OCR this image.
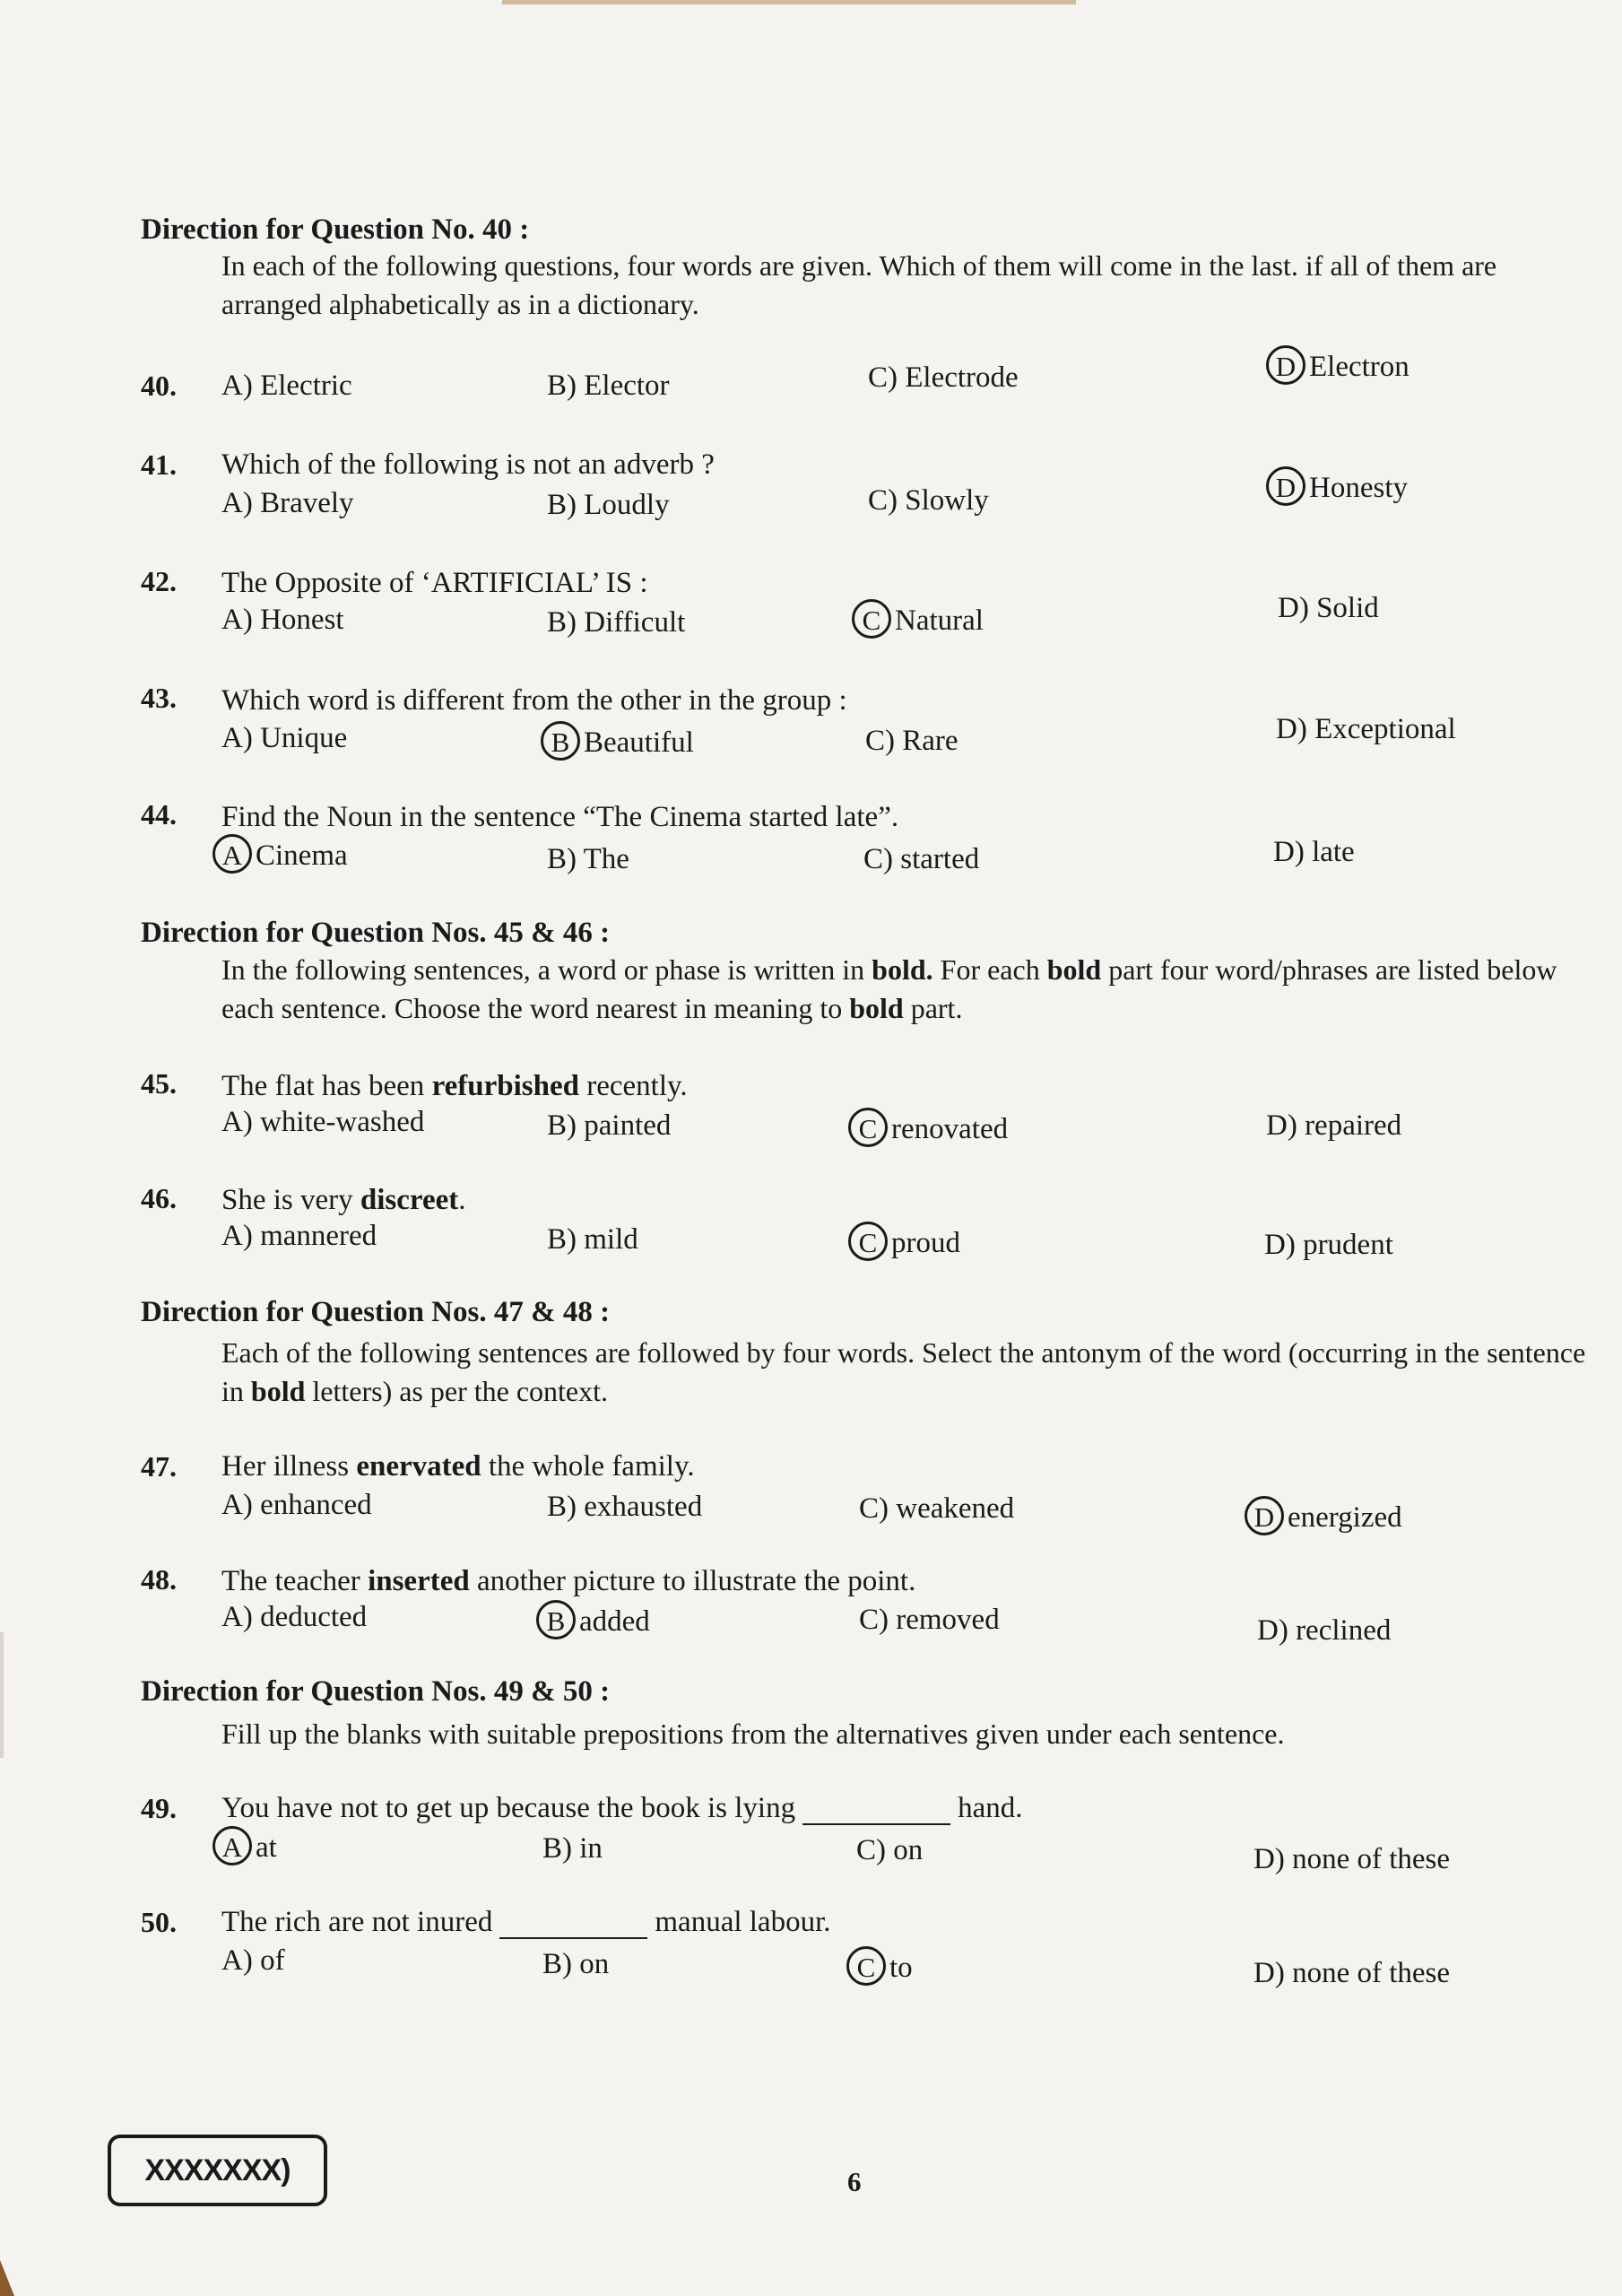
Direction for Question No. 40 :
In each of the following questions, four words are given. Which of them will come in the last. if all of them are arranged alphabetically as in a dictionary.
40. A) Electric	B) Elector	C) Electrode	D Electron
41. Which of the following is not an adverb ?
A) Bravely	B) Loudly	C) Slowly	D Honesty
42. The Opposite of ‘ARTIFICIAL’ IS :
A) Honest	B) Difficult	C Natural	D) Solid
43. Which word is different from the other in the group :
A) Unique	B Beautiful	C) Rare	D) Exceptional
44. Find the Noun in the sentence “The Cinema started late”.
A Cinema	B) The	C) started	D) late
Direction for Question Nos. 45 & 46 :
In the following sentences, a word or phase is written in bold. For each bold part four word/phrases are listed below each sentence. Choose the word nearest in meaning to bold part.
45. The flat has been refurbished recently.
A) white-washed	B) painted	C renovated	D) repaired
46. She is very discreet.
A) mannered	B) mild	C proud	D) prudent
Direction for Question Nos. 47 & 48 :
Each of the following sentences are followed by four words. Select the antonym of the word (occurring in the sentence in bold letters) as per the context.
47. Her illness enervated the whole family.
A) enhanced	B) exhausted	C) weakened	D energized
48. The teacher inserted another picture to illustrate the point.
A) deducted	B added	C) removed	D) reclined
Direction for Question Nos. 49 & 50 :
Fill up the blanks with suitable prepositions from the alternatives given under each sentence.
49. You have not to get up because the book is lying	hand.
A at	B) in	C) on	D) none of these
50. The rich are not inured	manual labour.
A) of	B) on	C to	D) none of these
XXXXXXX)	6
